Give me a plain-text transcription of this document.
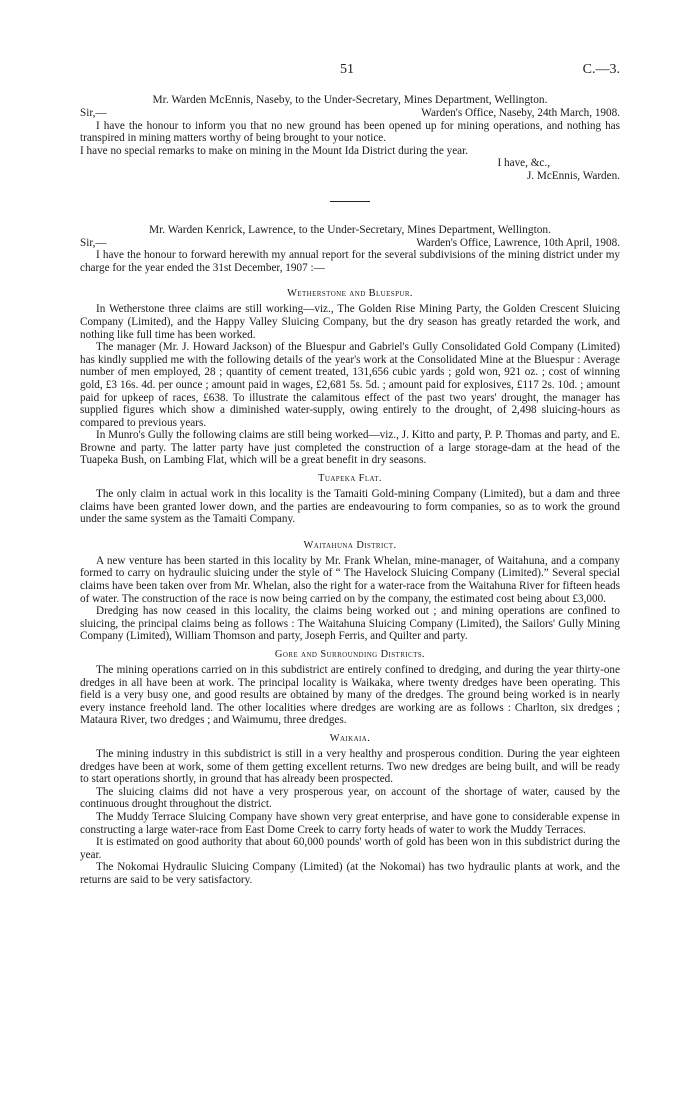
51	C.—3.
Mr. Warden McEnnis, Naseby, to the Under-Secretary, Mines Department, Wellington.
Sir,—	Warden's Office, Naseby, 24th March, 1908.

I have the honour to inform you that no new ground has been opened up for mining operations, and nothing has transpired in mining matters worthy of being brought to your notice.

I have no special remarks to make on mining in the Mount Ida District during the year.

I have, &c.,
J. McEnnis, Warden.
Mr. Warden Kenrick, Lawrence, to the Under-Secretary, Mines Department, Wellington.
Sir,—	Warden's Office, Lawrence, 10th April, 1908.

I have the honour to forward herewith my annual report for the several subdivisions of the mining district under my charge for the year ended the 31st December, 1907 :—

Wetherstone and Bluespur.

In Wetherstone three claims are still working—viz., The Golden Rise Mining Party, the Golden Crescent Sluicing Company (Limited), and the Happy Valley Sluicing Company, but the dry season has greatly retarded the work, and nothing like full time has been worked.

The manager (Mr. J. Howard Jackson) of the Bluespur and Gabriel's Gully Consolidated Gold Company (Limited) has kindly supplied me with the following details of the year's work at the Consolidated Mine at the Bluespur : Average number of men employed, 28 ; quantity of cement treated, 131,656 cubic yards ; gold won, 921 oz. ; cost of winning gold, £3 16s. 4d. per ounce ; amount paid in wages, £2,681 5s. 5d. ; amount paid for explosives, £117 2s. 10d. ; amount paid for upkeep of races, £638. To illustrate the calamitous effect of the past two years' drought, the manager has supplied figures which show a diminished water-supply, owing entirely to the drought, of 2,498 sluicing-hours as compared to previous years.

In Munro's Gully the following claims are still being worked—viz., J. Kitto and party, P. P. Thomas and party, and E. Browne and party. The latter party have just completed the construction of a large storage-dam at the head of the Tuapeka Bush, on Lambing Flat, which will be a great benefit in dry seasons.

Tuapeka Flat.

The only claim in actual work in this locality is the Tamaiti Gold-mining Company (Limited), but a dam and three claims have been granted lower down, and the parties are endeavouring to form companies, so as to work the ground under the same system as the Tamaiti Company.

Waitahuna District.

A new venture has been started in this locality by Mr. Frank Whelan, mine-manager, of Waitahuna, and a company formed to carry on hydraulic sluicing under the style of “ The Havelock Sluicing Company (Limited).” Several special claims have been taken over from Mr. Whelan, also the right for a water-race from the Waitahuna River for fifteen heads of water. The construction of the race is now being carried on by the company, the estimated cost being about £3,000.

Dredging has now ceased in this locality, the claims being worked out ; and mining operations are confined to sluicing, the principal claims being as follows : The Waitahuna Sluicing Company (Limited), the Sailors' Gully Mining Company (Limited), William Thomson and party, Joseph Ferris, and Quilter and party.

Gore and Surrounding Districts.

The mining operations carried on in this subdistrict are entirely confined to dredging, and during the year thirty-one dredges in all have been at work. The principal locality is Waikaka, where twenty dredges have been operating. This field is a very busy one, and good results are obtained by many of the dredges. The ground being worked is in nearly every instance freehold land. The other localities where dredges are working are as follows : Charlton, six dredges ; Mataura River, two dredges ; and Waimumu, three dredges.

Waikaia.

The mining industry in this subdistrict is still in a very healthy and prosperous condition. During the year eighteen dredges have been at work, some of them getting excellent returns. Two new dredges are being built, and will be ready to start operations shortly, in ground that has already been prospected.

The sluicing claims did not have a very prosperous year, on account of the shortage of water, caused by the continuous drought throughout the district.

The Muddy Terrace Sluicing Company have shown very great enterprise, and have gone to considerable expense in constructing a large water-race from East Dome Creek to carry forty heads of water to work the Muddy Terraces.

It is estimated on good authority that about 60,000 pounds' worth of gold has been won in this subdistrict during the year.

The Nokomai Hydraulic Sluicing Company (Limited) (at the Nokomai) has two hydraulic plants at work, and the returns are said to be very satisfactory.
